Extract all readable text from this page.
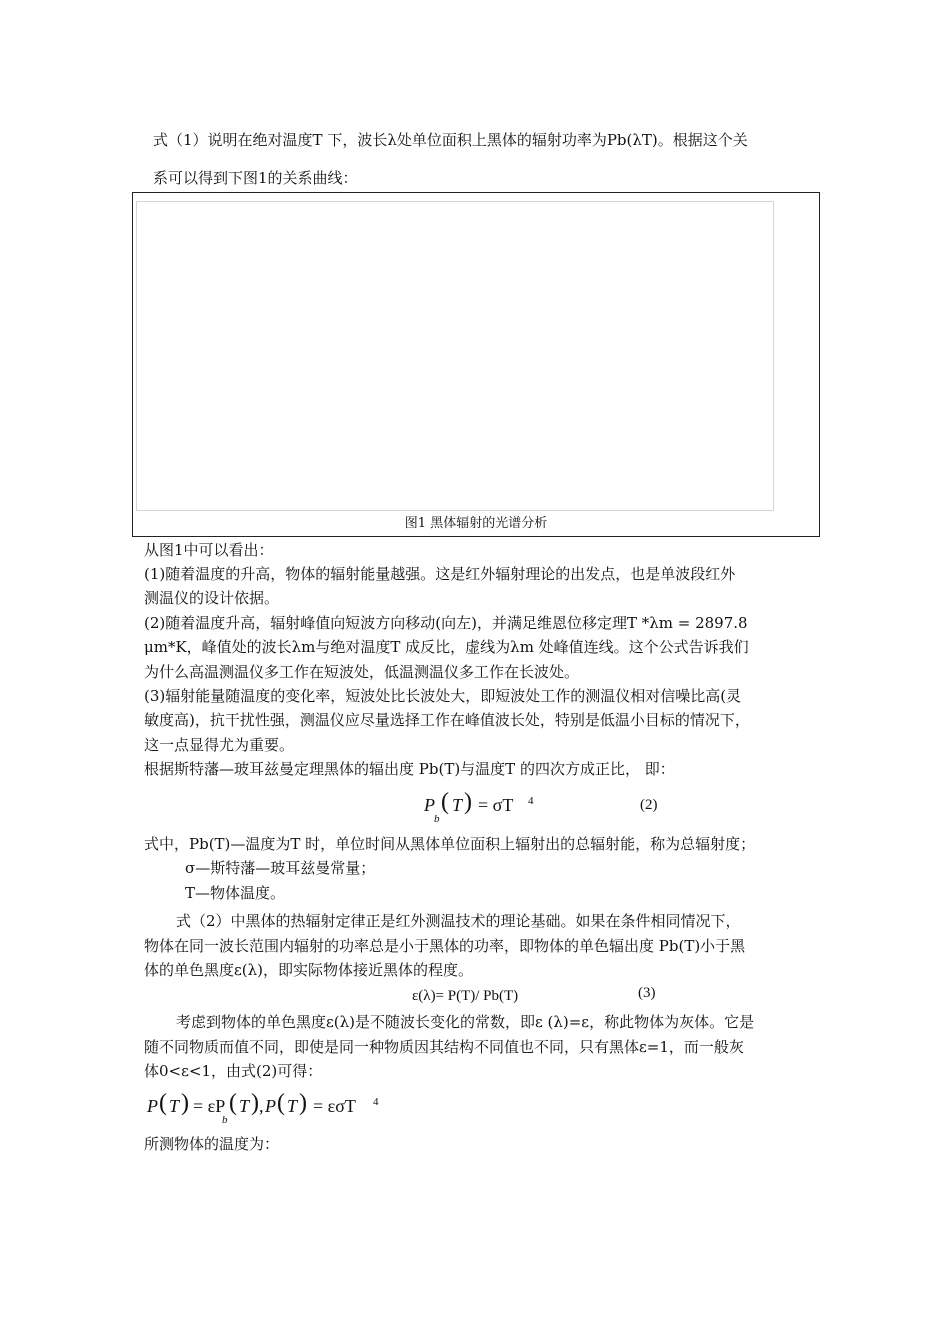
式（1）说明在绝对温度T 下，波长λ处单位面积上黑体的辐射功率为Pb(λT)。根据这个关
系可以得到下图1的关系曲线：
图1 黑体辐射的光谱分析
从图1中可以看出：
(1)随着温度的升高，物体的辐射能量越强。这是红外辐射理论的出发点，也是单波段红外
测温仪的设计依据。
(2)随着温度升高，辐射峰值向短波方向移动(向左)，并满足维恩位移定理T *λm = 2897.8
μm*K，峰值处的波长λm与绝对温度T 成反比，虚线为λm 处峰值连线。这个公式告诉我们
为什么高温测温仪多工作在短波处，低温测温仪多工作在长波处。
(3)辐射能量随温度的变化率，短波处比长波处大，即短波处工作的测温仪相对信噪比高(灵
敏度高)，抗干扰性强，测温仪应尽量选择工作在峰值波长处，特别是低温小目标的情况下，
这一点显得尤为重要。
根据斯特藩—玻耳兹曼定理黑体的辐出度 Pb(T)与温度T 的四次方成正比， 即：
P
b
( T ) = σT 4	(2)
式中，Pb(T)—温度为T 时，单位时间从黑体单位面积上辐射出的总辐射能，称为总辐射度；
σ—斯特藩—玻耳兹曼常量；
T—物体温度。
式（2）中黑体的热辐射定律正是红外测温技术的理论基础。如果在条件相同情况下，
物体在同一波长范围内辐射的功率总是小于黑体的功率，即物体的单色辐出度 Pb(T)小于黑
体的单色黑度ε(λ)，即实际物体接近黑体的程度。
ε(λ)= P(T)/ Pb(T)	(3)
考虑到物体的单色黑度ε(λ)是不随波长变化的常数，即ε (λ)=ε，称此物体为灰体。它是
随不同物质而值不同，即使是同一种物质因其结构不同值也不同，只有黑体ε=1，而一般灰
体0<ε<1，由式(2)可得：
P ( T ) = εP
b
( T ) , P ( T ) = εσT 4
所测物体的温度为：
